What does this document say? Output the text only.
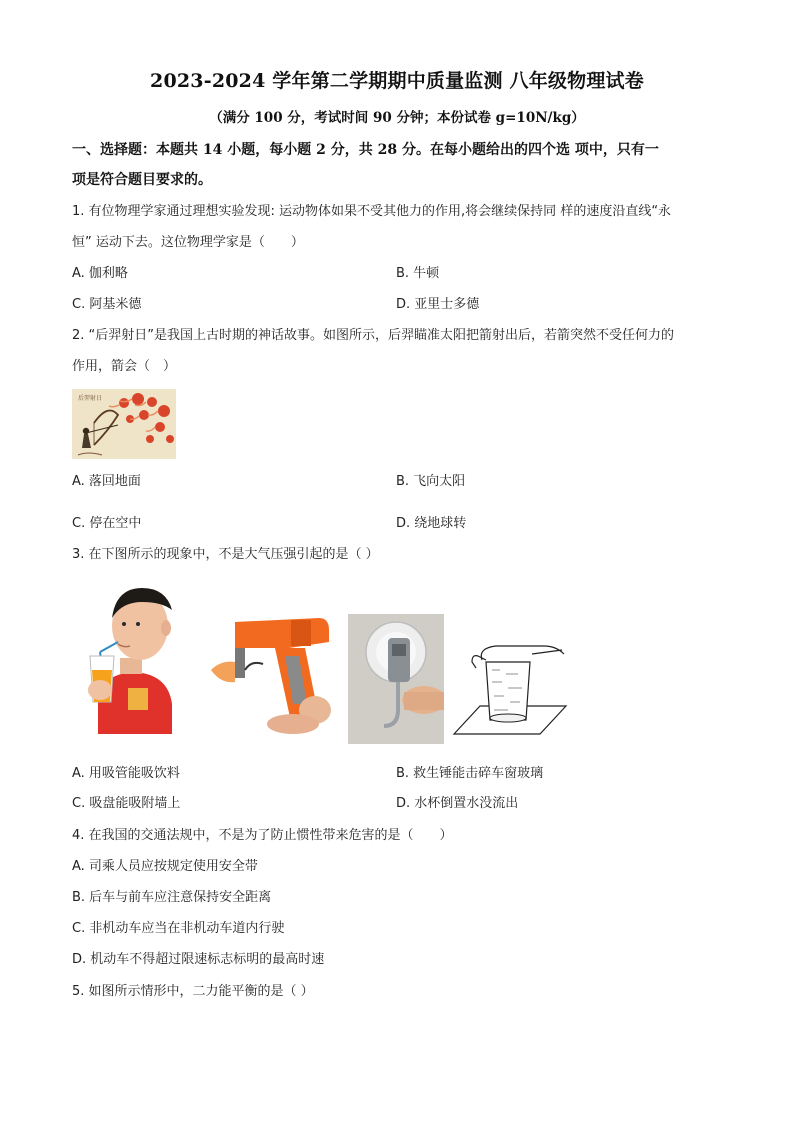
2023-2024 学年第二学期期中质量监测 八年级物理试卷
（满分 100 分，考试时间 90 分钟；本份试卷 g=10N/kg）
一、选择题：本题共 14 小题，每小题 2 分，共 28 分。在每小题给出的四个选 项中，只有一
项是符合题目要求的。
1. 有位物理学家通过理想实验发现: 运动物体如果不受其他力的作用,将会继续保持同 样的速度沿直线“永
恒” 运动下去。这位物理学家是（　　）
A. 伽利略	B. 牛顿
C. 阿基米德	D. 亚里士多德
2. “后羿射日”是我国上古时期的神话故事。如图所示，后羿瞄准太阳把箭射出后，若箭突然不受任何力的
作用，箭会（　）
后羿射日
A. 落回地面	B. 飞向太阳
C. 停在空中	D. 绕地球转
3. 在下图所示的现象中，不是大气压强引起的是（ ）
A. 用吸管能吸饮料	B. 救生锤能击碎车窗玻璃
C. 吸盘能吸附墙上	D. 水杯倒置水没流出
4. 在我国的交通法规中，不是为了防止惯性带来危害的是（　　）
A. 司乘人员应按规定使用安全带
B. 后车与前车应注意保持安全距离
C. 非机动车应当在非机动车道内行驶
D. 机动车不得超过限速标志标明的最高时速
5. 如图所示情形中，二力能平衡的是（ ）
